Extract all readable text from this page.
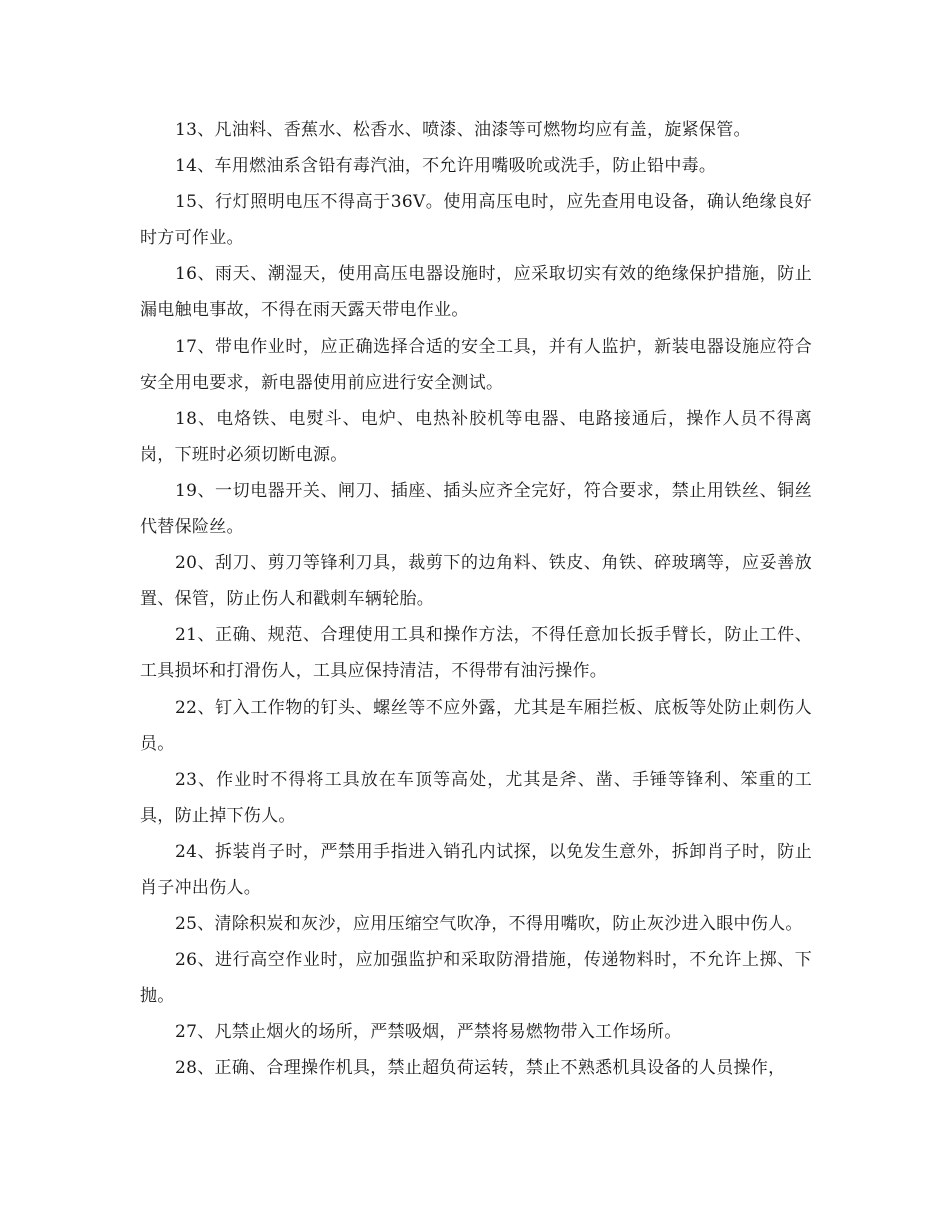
13、凡油料、香蕉水、松香水、喷漆、油漆等可燃物均应有盖，旋紧保管。

14、车用燃油系含铅有毒汽油，不允许用嘴吸吮或洗手，防止铅中毒。

15、行灯照明电压不得高于36V。使用高压电时，应先查用电设备，确认绝缘良好时方可作业。

16、雨天、潮湿天，使用高压电器设施时，应采取切实有效的绝缘保护措施，防止漏电触电事故，不得在雨天露天带电作业。

17、带电作业时，应正确选择合适的安全工具，并有人监护，新装电器设施应符合安全用电要求，新电器使用前应进行安全测试。

18、电烙铁、电熨斗、电炉、电热补胶机等电器、电路接通后，操作人员不得离岗，下班时必须切断电源。

19、一切电器开关、闸刀、插座、插头应齐全完好，符合要求，禁止用铁丝、铜丝代替保险丝。

20、刮刀、剪刀等锋利刀具，裁剪下的边角料、铁皮、角铁、碎玻璃等，应妥善放置、保管，防止伤人和戳刺车辆轮胎。

21、正确、规范、合理使用工具和操作方法，不得任意加长扳手臂长，防止工件、工具损坏和打滑伤人，工具应保持清洁，不得带有油污操作。

22、钉入工作物的钉头、螺丝等不应外露，尤其是车厢拦板、底板等处防止刺伤人员。

23、作业时不得将工具放在车顶等高处，尤其是斧、凿、手锤等锋利、笨重的工具，防止掉下伤人。

24、拆装肖子时，严禁用手指进入销孔内试探，以免发生意外，拆卸肖子时，防止肖子冲出伤人。

25、清除积炭和灰沙，应用压缩空气吹净，不得用嘴吹，防止灰沙进入眼中伤人。

26、进行高空作业时，应加强监护和采取防滑措施，传递物料时，不允许上掷、下抛。

27、凡禁止烟火的场所，严禁吸烟，严禁将易燃物带入工作场所。

28、正确、合理操作机具，禁止超负荷运转，禁止不熟悉机具设备的人员操作，
